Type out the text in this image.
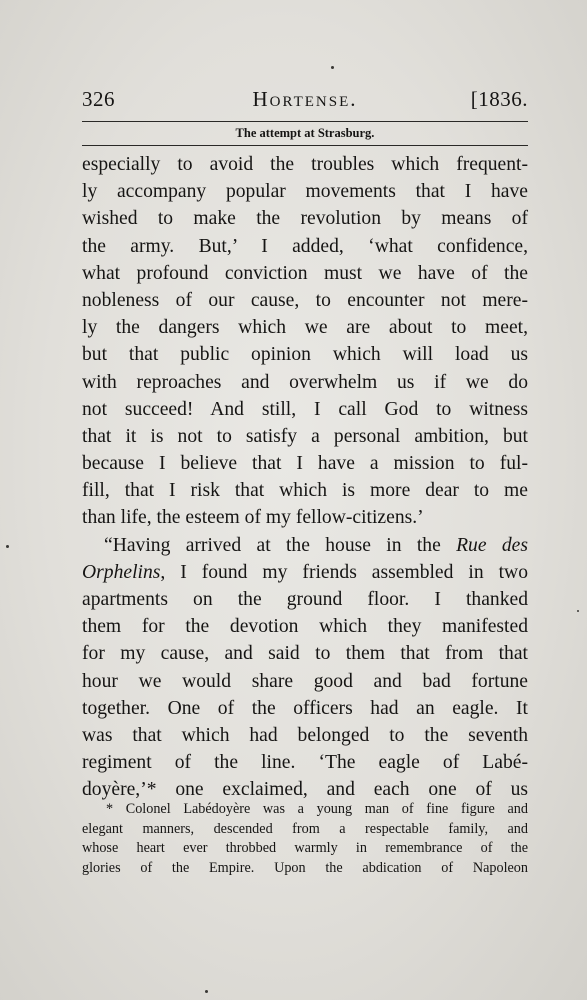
326	Hortense.	[1836.
The attempt at Strasburg.
especially to avoid the troubles which frequent-
ly accompany popular movements that I have
wished to make the revolution by means of
the army. But,’ I added, ‘what confidence,
what profound conviction must we have of the
nobleness of our cause, to encounter not mere-
ly the dangers which we are about to meet,
but that public opinion which will load us
with reproaches and overwhelm us if we do
not succeed! And still, I call God to witness
that it is not to satisfy a personal ambition, but
because I believe that I have a mission to ful-
fill, that I risk that which is more dear to me
than life, the esteem of my fellow-citizens.’
“Having arrived at the house in the Rue des
Orphelins, I found my friends assembled in two
apartments on the ground floor. I thanked
them for the devotion which they manifested
for my cause, and said to them that from that
hour we would share good and bad fortune
together. One of the officers had an eagle. It
was that which had belonged to the seventh
regiment of the line. ‘The eagle of Labé-
doyère,’* one exclaimed, and each one of us
* Colonel Labédoyère was a young man of fine figure and
elegant manners, descended from a respectable family, and
whose heart ever throbbed warmly in remembrance of the
glories of the Empire. Upon the abdication of Napoleon
